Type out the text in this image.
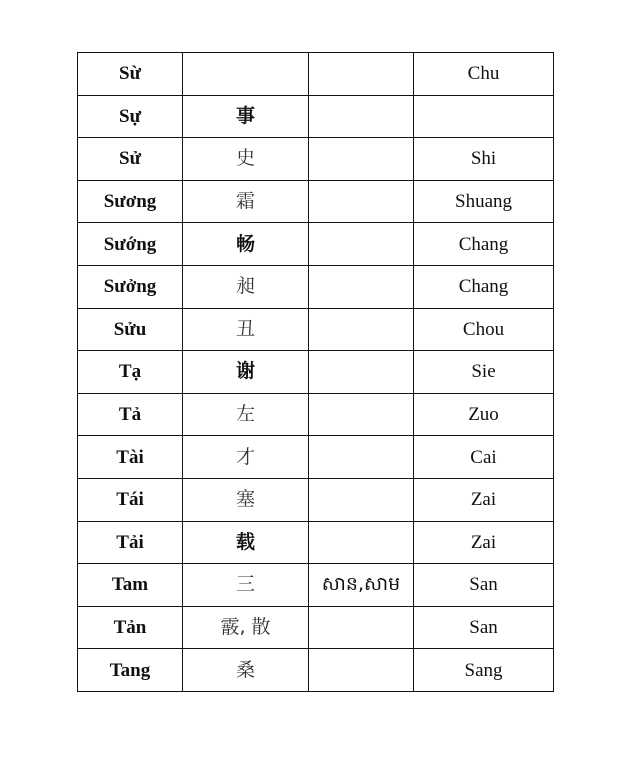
Sừ			Chu
Sự	事		
Sử	史		Shi
Sương	霜		Shuang
Sướng	畅		Chang
Sưởng	昶		Chang
Sửu	丑		Chou
Tạ	谢		Sie
Tả	左		Zuo
Tài	才		Cai
Tái	塞		Zai
Tải	载		Zai
Tam	三	សាន,សាម	San
Tản	霰, 散		San
Tang	桑		Sang
